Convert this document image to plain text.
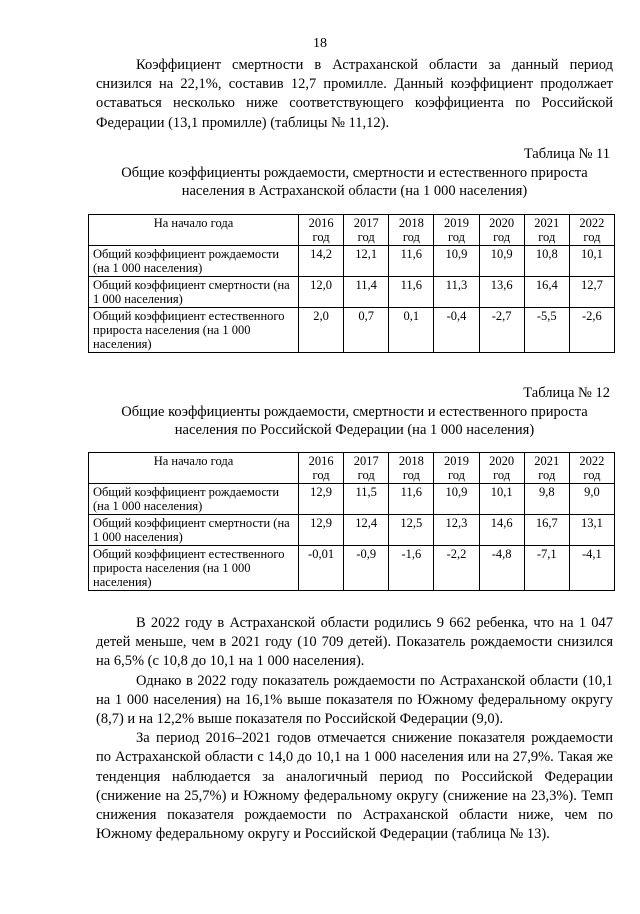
18

Коэффициент смертности в Астраханской области за данный период снизился на 22,1%, составив 12,7 промилле. Данный коэффициент продолжает оставаться несколько ниже соответствующего коэффициента по Российской Федерации (13,1 промилле) (таблицы № 11,12).

Таблица № 11
Общие коэффициенты рождаемости, смертности и естественного прироста населения в Астраханской области (на 1 000 населения)
На начало года	2016 год	2017 год	2018 год	2019 год	2020 год	2021 год	2022 год
Общий коэффициент рождаемости (на 1 000 населения)	14,2	12,1	11,6	10,9	10,9	10,8	10,1
Общий коэффициент смертности (на 1 000 населения)	12,0	11,4	11,6	11,3	13,6	16,4	12,7
Общий коэффициент естественного прироста населения (на 1 000 населения)	2,0	0,7	0,1	-0,4	-2,7	-5,5	-2,6
Таблица № 12
Общие коэффициенты рождаемости, смертности и естественного прироста населения по Российской Федерации (на 1 000 населения)
На начало года	2016 год	2017 год	2018 год	2019 год	2020 год	2021 год	2022 год
Общий коэффициент рождаемости (на 1 000 населения)	12,9	11,5	11,6	10,9	10,1	9,8	9,0
Общий коэффициент смертности (на 1 000 населения)	12,9	12,4	12,5	12,3	14,6	16,7	13,1
Общий коэффициент естественного прироста населения (на 1 000 населения)	-0,01	-0,9	-1,6	-2,2	-4,8	-7,1	-4,1

В 2022 году в Астраханской области родились 9 662 ребенка, что на 1 047 детей меньше, чем в 2021 году (10 709 детей). Показатель рождаемости снизился на 6,5% (с 10,8 до 10,1 на 1 000 населения).

Однако в 2022 году показатель рождаемости по Астраханской области (10,1 на 1 000 населения) на 16,1% выше показателя по Южному федеральному округу (8,7) и на 12,2% выше показателя по Российской Федерации (9,0).

За период 2016–2021 годов отмечается снижение показателя рождаемости по Астраханской области с 14,0 до 10,1 на 1 000 населения или на 27,9%. Такая же тенденция наблюдается за аналогичный период по Российской Федерации (снижение на 25,7%) и Южному федеральному округу (снижение на 23,3%). Темп снижения показателя рождаемости по Астраханской области ниже, чем по Южному федеральному округу и Российской Федерации (таблица № 13).
